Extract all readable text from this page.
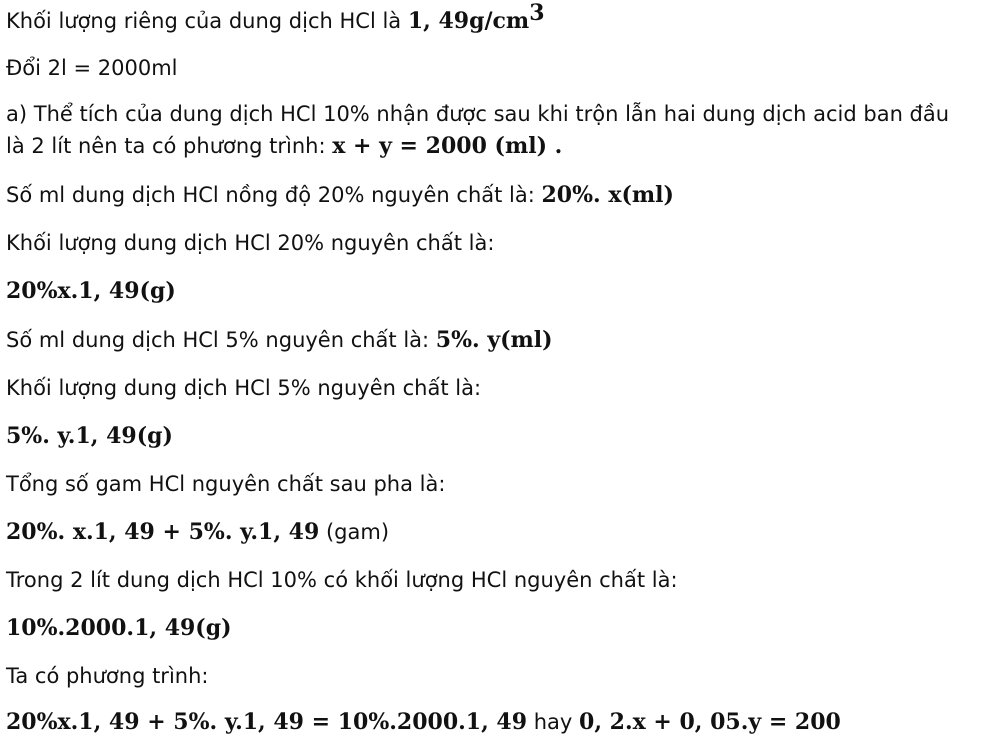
Khối lượng riêng của dung dịch HCl là 1, $49g/cm^3$
Đổi 2l = 2000ml
a) Thể tích của dung dịch HCl 10% nhận được sau khi trộn lẫn hai dung dịch acid ban đầu
là 2 lít nên ta có phương trình: x + y = 2000 (ml) .
Số ml dung dịch HCl nồng độ 20% nguyên chất là: 20%. x(ml)
Khối lượng dung dịch HCl 20% nguyên chất là:
20%x.1, 49(g)
Số ml dung dịch HCl 5% nguyên chất là: 5%. y(ml)
Khối lượng dung dịch HCl 5% nguyên chất là:
5%. y.1, 49(g)
Tổng số gam HCl nguyên chất sau pha là:
20%. x.1, 49 + 5%. y.1, 49 (gam)
Trong 2 lít dung dịch HCl 10% có khối lượng HCl nguyên chất là:
10%.2000.1, 49(g)
Ta có phương trình:
20%x.1, 49 + 5%. y.1, 49 = 10%.2000.1, 49 hay 0, 2.x + 0, 05.y = 200
